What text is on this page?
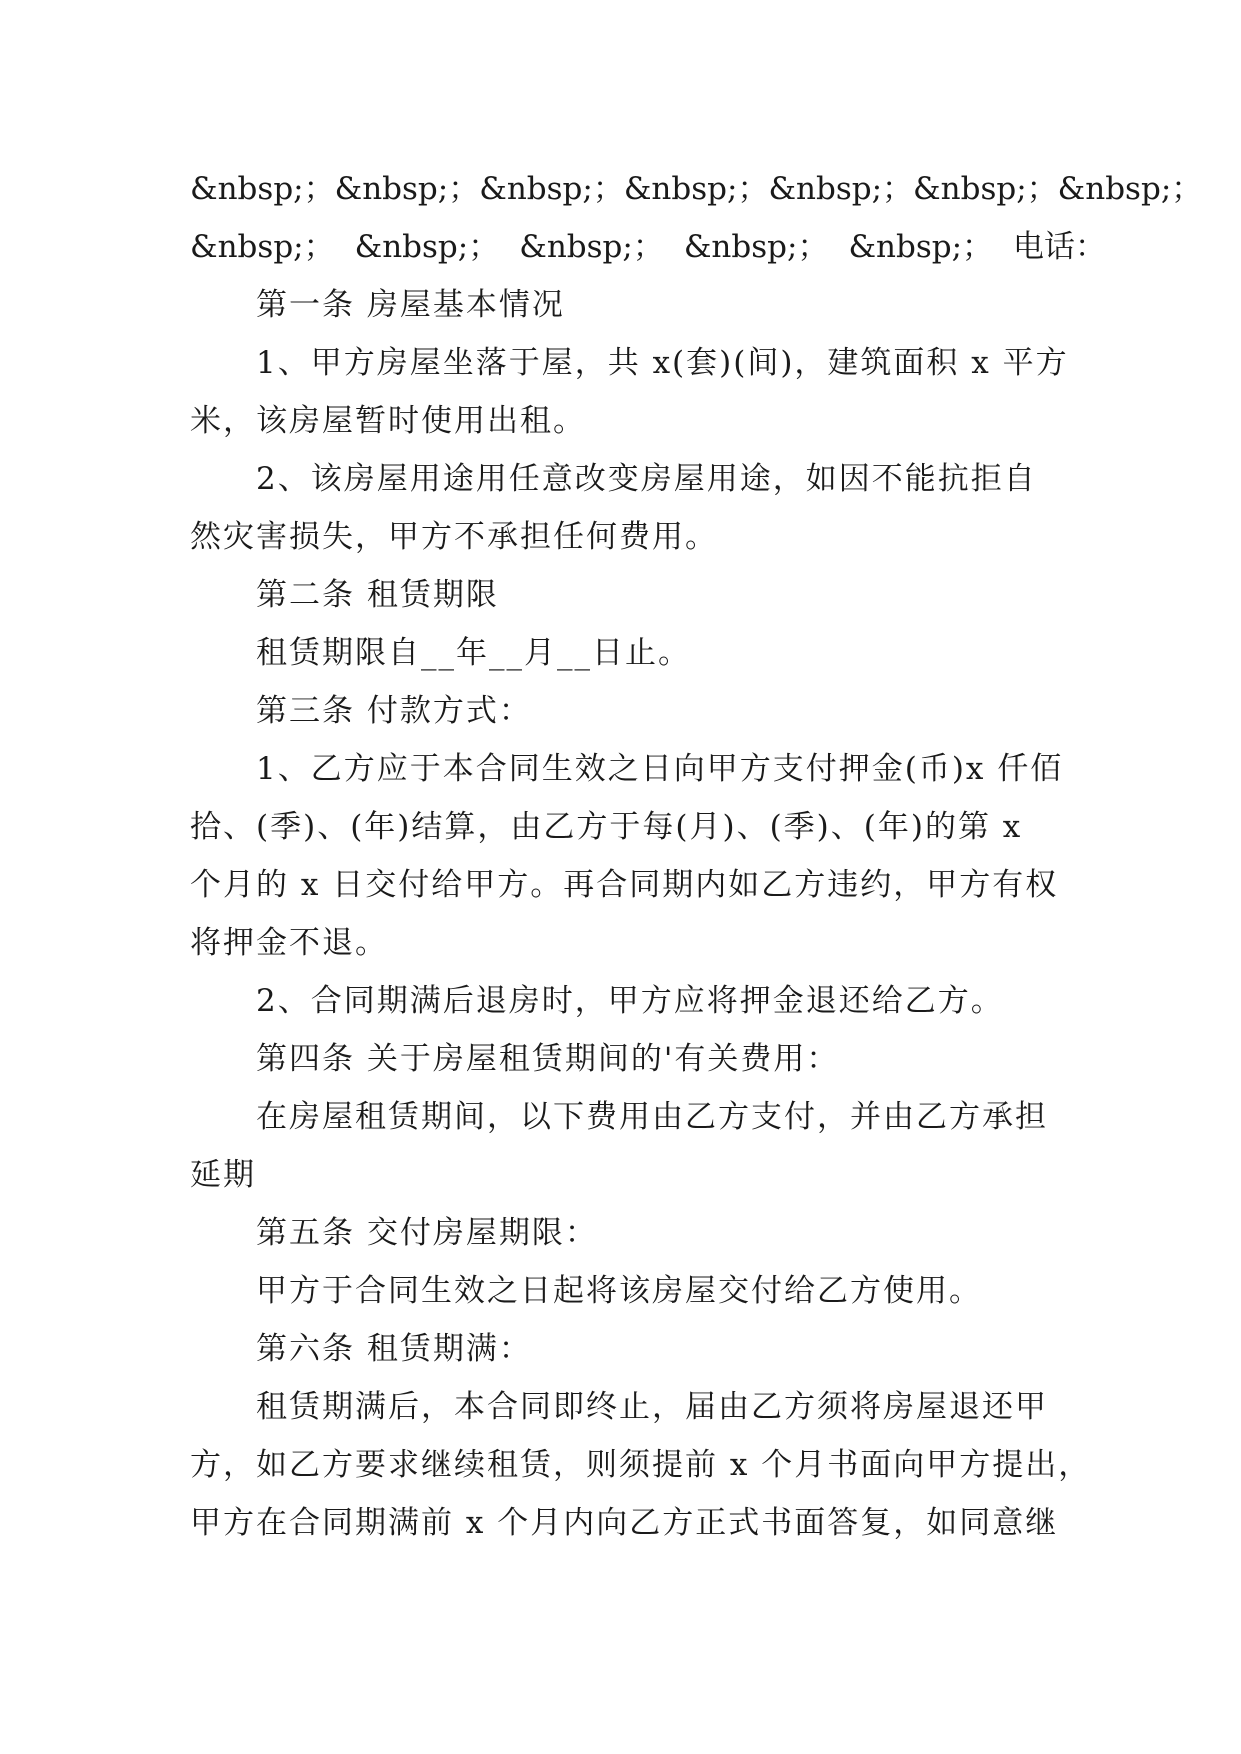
&nbsp; ； &nbsp; ； &nbsp; ； &nbsp; ； &nbsp; ； &nbsp; ； &nbsp; ；
&nbsp;； &nbsp;； &nbsp;； &nbsp;； &nbsp;； 电话：
第一条 房屋基本情况
1、甲方房屋坐落于屋，共 x(套)(间)，建筑面积 x 平方
米，该房屋暂时使用出租。
2、该房屋用途用任意改变房屋用途，如因不能抗拒自
然灾害损失，甲方不承担任何费用。
第二条 租赁期限
租赁期限自__年__月__日止。
第三条 付款方式：
1、乙方应于本合同生效之日向甲方支付押金(币)x 仟佰
拾、(季)、(年)结算，由乙方于每(月)、(季)、(年)的第 x
个月的 x 日交付给甲方。再合同期内如乙方违约，甲方有权
将押金不退。
2、合同期满后退房时，甲方应将押金退还给乙方。
第四条 关于房屋租赁期间的'有关费用：
在房屋租赁期间，以下费用由乙方支付，并由乙方承担
延期
第五条 交付房屋期限：
甲方于合同生效之日起将该房屋交付给乙方使用。
第六条 租赁期满：
租赁期满后，本合同即终止，届由乙方须将房屋退还甲
方，如乙方要求继续租赁，则须提前 x 个月书面向甲方提出，
甲方在合同期满前 x 个月内向乙方正式书面答复，如同意继
